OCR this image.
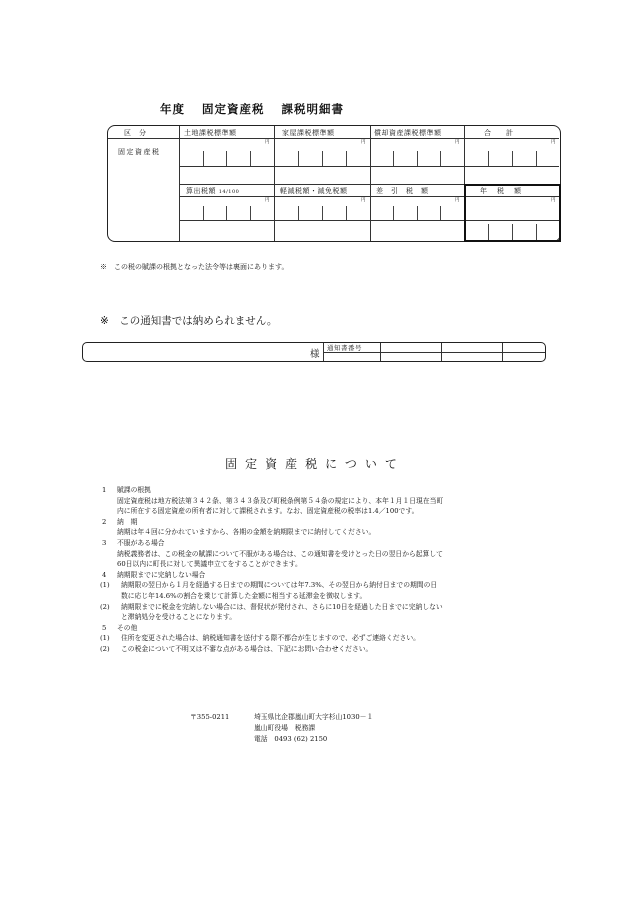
年度 固定資産税 課税明細書
区　分	土地課税標準額	家屋課税標準額	償却資産課税標準額	合　計
固定資産税
円	円	円	円
算出税額 14/100	軽減税額・減免税額	差引税額	年税額
円	円	円	円
※　この税の賦課の根拠となった法令等は裏面にあります。
※　この通知書では納められません。
様
通知書番号
固定資産税について
1 賦課の根拠
固定資産税は地方税法第３４２条、第３４３条及び町税条例第５４条の規定により、本年１月１日現在当町
内に所在する固定資産の所有者に対して課税されます。なお、固定資産税の税率は1.4／100です。
2 納　期
納期は年４回に分かれていますから、各期の金額を納期限までに納付してください。
3 不服がある場合
納税義務者は、この税金の賦課について不服がある場合は、この通知書を受けとった日の翌日から起算して
60日以内に町長に対して異議申立てをすることができます。
4 納期限までに完納しない場合
(1) 納期限の翌日から１月を経過する日までの期間については年7.3%、その翌日から納付日までの期間の日
数に応じ年14.6%の割合を乗じて計算した金額に相当する延滞金を徴収します。
(2) 納期限までに税金を完納しない場合には、督促状が発付され、さらに10日を経過した日までに完納しない
と滞納処分を受けることになります。
5 その他
(1) 住所を変更された場合は、納税通知書を送付する際不都合が生じますので、必ずご連絡ください。
(2) この税金について不明又は不審な点がある場合は、下記にお問い合わせください。
〒355-0211	埼玉県比企郡嵐山町大字杉山1030－１
嵐山町役場　税務課
電話　0493 (62) 2150
